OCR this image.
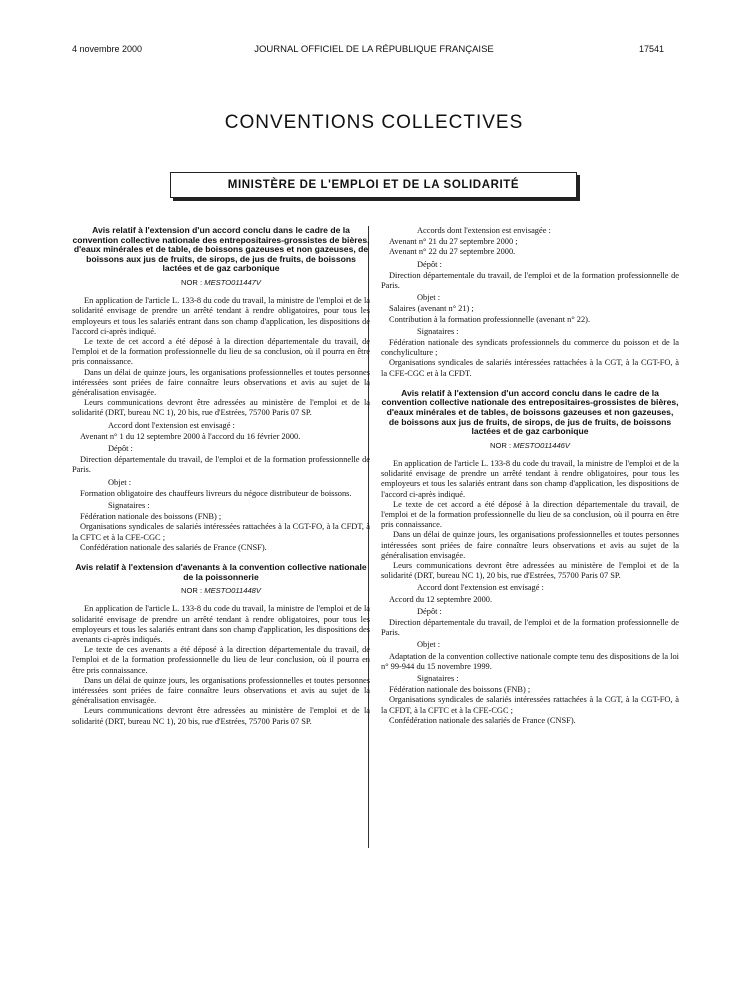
4 novembre 2000	JOURNAL OFFICIEL DE LA RÉPUBLIQUE FRANÇAISE	17541
CONVENTIONS COLLECTIVES
MINISTÈRE DE L'EMPLOI ET DE LA SOLIDARITÉ
Avis relatif à l'extension d'un accord conclu dans le cadre de la convention collective nationale des entrepositaires-grossistes de bières, d'eaux minérales et de table, de boissons gazeuses et non gazeuses, de boissons aux jus de fruits, de sirops, de jus de fruits, de boissons lactées et de gaz carbonique

NOR : MESTO011447V

En application de l'article L. 133-8 du code du travail, la ministre de l'emploi et de la solidarité envisage de prendre un arrêté tendant à rendre obligatoires, pour tous les employeurs et tous les salariés entrant dans son champ d'application, les dispositions de l'accord ci-après indiqué.

Le texte de cet accord a été déposé à la direction départementale du travail, de l'emploi et de la formation professionnelle du lieu de sa conclusion, où il pourra en être pris connaissance.

Dans un délai de quinze jours, les organisations professionnelles et toutes personnes intéressées sont priées de faire connaître leurs observations et avis au sujet de la généralisation envisagée.

Leurs communications devront être adressées au ministère de l'emploi et de la solidarité (DRT, bureau NC 1), 20 bis, rue d'Estrées, 75700 Paris 07 SP.

Accord dont l'extension est envisagé :

Avenant n° 1 du 12 septembre 2000 à l'accord du 16 février 2000.

Dépôt :

Direction départementale du travail, de l'emploi et de la formation professionnelle de Paris.

Objet :

Formation obligatoire des chauffeurs livreurs du négoce distributeur de boissons.

Signataires :

Fédération nationale des boissons (FNB) ;

Organisations syndicales de salariés intéressées rattachées à la CGT-FO, à la CFDT, à la CFTC et à la CFE-CGC ;

Confédération nationale des salariés de France (CNSF).

Avis relatif à l'extension d'avenants à la convention collective nationale de la poissonnerie

NOR : MESTO011448V

En application de l'article L. 133-8 du code du travail, la ministre de l'emploi et de la solidarité envisage de prendre un arrêté tendant à rendre obligatoires, pour tous les employeurs et tous les salariés entrant dans son champ d'application, les dispositions des avenants ci-après indiqués.

Le texte de ces avenants a été déposé à la direction départementale du travail, de l'emploi et de la formation professionnelle du lieu de leur conclusion, où il pourra en être pris connaissance.

Dans un délai de quinze jours, les organisations professionnelles et toutes personnes intéressées sont priées de faire connaître leurs observations et avis au sujet de la généralisation envisagée.

Leurs communications devront être adressées au ministère de l'emploi et de la solidarité (DRT, bureau NC 1), 20 bis, rue d'Estrées, 75700 Paris 07 SP.

Accords dont l'extension est envisagée :

Avenant n° 21 du 27 septembre 2000 ;

Avenant n° 22 du 27 septembre 2000.

Dépôt :

Direction départementale du travail, de l'emploi et de la formation professionnelle de Paris.

Objet :

Salaires (avenant n° 21) ;

Contribution à la formation professionnelle (avenant n° 22).

Signataires :

Fédération nationale des syndicats professionnels du commerce du poisson et de la conchyliculture ;

Organisations syndicales de salariés intéressées rattachées à la CGT, à la CGT-FO, à la CFE-CGC et à la CFDT.

Avis relatif à l'extension d'un accord conclu dans le cadre de la convention collective nationale des entrepositaires-grossistes de bières, d'eaux minérales et de tables, de boissons gazeuses et non gazeuses, de boissons aux jus de fruits, de sirops, de jus de fruits, de boissons lactées et de gaz carbonique

NOR : MESTO011446V

En application de l'article L. 133-8 du code du travail, la ministre de l'emploi et de la solidarité envisage de prendre un arrêté tendant à rendre obligatoires, pour tous les employeurs et tous les salariés entrant dans son champ d'application, les dispositions de l'accord ci-après indiqué.

Le texte de cet accord a été déposé à la direction départementale du travail, de l'emploi et de la formation professionnelle du lieu de sa conclusion, où il pourra en être pris connaissance.

Dans un délai de quinze jours, les organisations professionnelles et toutes personnes intéressées sont priées de faire connaître leurs observations et avis au sujet de la généralisation envisagée.

Leurs communications devront être adressées au ministère de l'emploi et de la solidarité (DRT, bureau NC 1), 20 bis, rue d'Estrées, 75700 Paris 07 SP.

Accord dont l'extension est envisagé :

Accord du 12 septembre 2000.

Dépôt :

Direction départementale du travail, de l'emploi et de la formation professionnelle de Paris.

Objet :

Adaptation de la convention collective nationale compte tenu des dispositions de la loi n° 99-944 du 15 novembre 1999.

Signataires :

Fédération nationale des boissons (FNB) ;

Organisations syndicales de salariés intéressées rattachées à la CGT, à la CGT-FO, à la CFDT, à la CFTC et à la CFE-CGC ;

Confédération nationale des salariés de France (CNSF).
